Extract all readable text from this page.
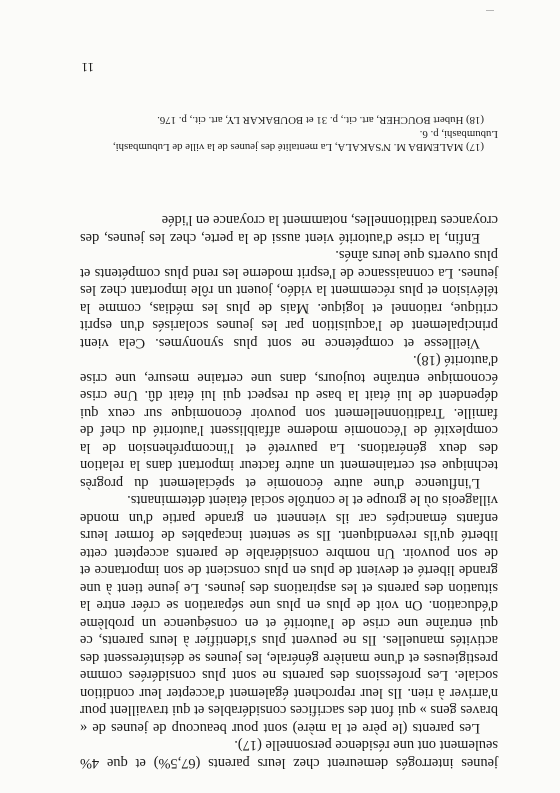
jeunes interrogés demeurent chez leurs parents (67,5%) et que 4% seulement ont une résidence personnelle (17).

Les parents (le père et la mère) sont pour beaucoup de jeunes de « braves gens » qui font des sacrifices considérables et qui travaillent pour n'arriver à rien. Ils leur reprochent également d'accepter leur condition sociale. Les professions des parents ne sont plus considérées comme prestigieuses et d'une manière générale, les jeunes se désintéressent des activités manuelles. Ils ne peuvent plus s'identifier à leurs parents, ce qui entraîne une crise de l'autorité et en conséquence un problème d'éducation. On voit de plus en plus une séparation se créer entre la situation des parents et les aspirations des jeunes. Le jeune tient à une grande liberté et devient de plus en plus conscient de son importance et de son pouvoir. Un nombre considérable de parents acceptent cette liberté qu'ils revendiquent. Ils se sentent incapables de former leurs enfants émancipés car ils viennent en grande partie d'un monde villageois où le groupe et le contrôle social étaient déterminants.

L'influence d'une autre économie et spécialement du progrès technique est certainement un autre facteur important dans la relation des deux générations. La pauvreté et l'incompréhension de la complexité de l'économie moderne affaiblissent l'autorité du chef de famille. Traditionnellement son pouvoir économique sur ceux qui dépendent de lui était la base du respect qui lui était dû. Une crise économique entraîne toujours, dans une certaine mesure, une crise d'autorité (18).

Vieillesse et compétence ne sont plus synonymes. Cela vient principalement de l'acquisition par les jeunes scolarisés d'un esprit critique, rationnel et logique. Mais de plus les médias, comme la télévision et plus récemment la vidéo, jouent un rôle important chez les jeunes. La connaissance de l'esprit moderne les rend plus compétents et plus ouverts que leurs aînés.

Enfin, la crise d'autorité vient aussi de la perte, chez les jeunes, des croyances traditionnelles, notamment la croyance en l'idée

(17) MALEMBA M. N'SAKALA, La mentalité des jeunes de la ville de Lubumbashi, Lubumbashi, p. 6.

(18) Hubert BOUCHER, art. cit., p. 31 et BOUBAKAR LY, art. cit., p. 176.

11
